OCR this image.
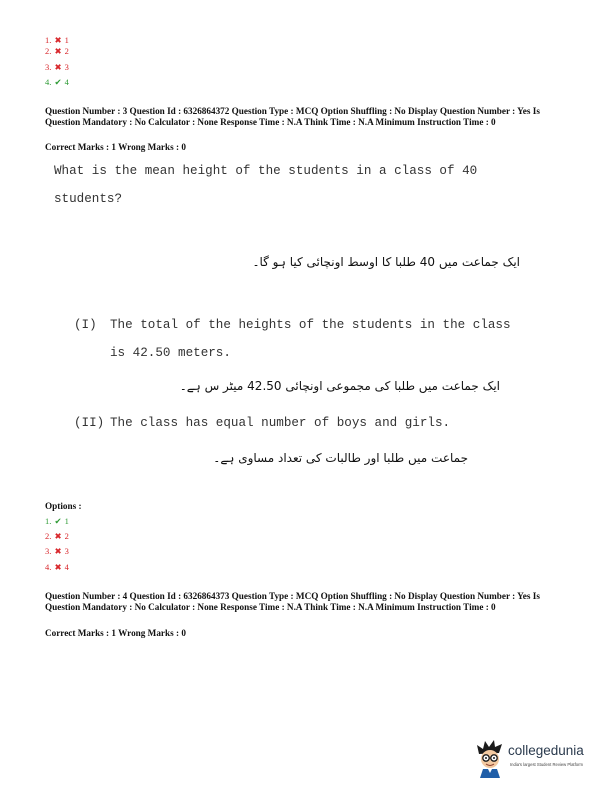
1. ✖ 1
2. ✖ 2
3. ✖ 3
4. ✔ 4
Question Number : 3 Question Id : 6326864372 Question Type : MCQ Option Shuffling : No Display Question Number : Yes Is Question Mandatory : No Calculator : None Response Time : N.A Think Time : N.A Minimum Instruction Time : 0
Correct Marks : 1 Wrong Marks : 0
What is the mean height of the students in a class of 40
students?
ایک جماعت میں 40 طلبا کا اوسط اونچائی کیا ہو گا۔
(I) The total of the heights of the students in the class
is 42.50 meters.
ایک جماعت میں طلبا کی مجموعی اونچائی 42.50 میٹر س ہے۔
(II) The class has equal number of boys and girls.
جماعت میں طلبا اور طالبات کی تعداد مساوی ہے۔
Options :
1. ✔ 1
2. ✖ 2
3. ✖ 3
4. ✖ 4
Question Number : 4 Question Id : 6326864373 Question Type : MCQ Option Shuffling : No Display Question Number : Yes Is Question Mandatory : No Calculator : None Response Time : N.A Think Time : N.A Minimum Instruction Time : 0
Correct Marks : 1 Wrong Marks : 0
collegedunia
India's largest Student Review Platform
